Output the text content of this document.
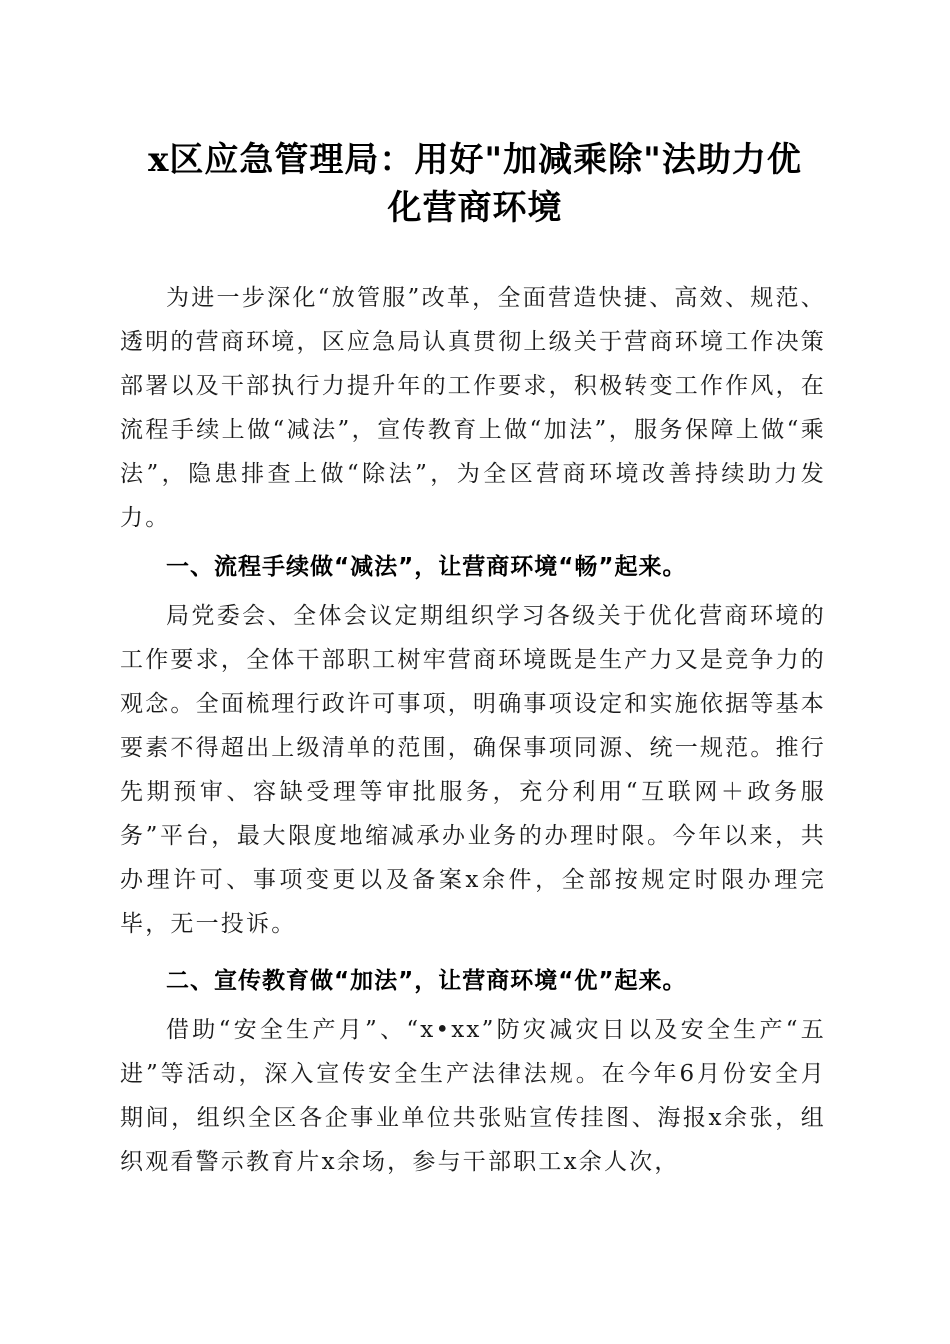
x区应急管理局：用好"加减乘除"法助力优
化营商环境

为进一步深化“放管服”改革，全面营造快捷、高效、规范、透明的营商环境，区应急局认真贯彻上级关于营商环境工作决策部署以及干部执行力提升年的工作要求，积极转变工作作风，在流程手续上做“减法”，宣传教育上做“加法”，服务保障上做“乘法”，隐患排查上做“除法”，为全区营商环境改善持续助力发力。

一、流程手续做“减法”，让营商环境“畅”起来。

局党委会、全体会议定期组织学习各级关于优化营商环境的工作要求，全体干部职工树牢营商环境既是生产力又是竞争力的观念。全面梳理行政许可事项，明确事项设定和实施依据等基本要素不得超出上级清单的范围，确保事项同源、统一规范。推行先期预审、容缺受理等审批服务，充分利用“互联网＋政务服务”平台，最大限度地缩减承办业务的办理时限。今年以来，共办理许可、事项变更以及备案x余件，全部按规定时限办理完毕，无一投诉。

二、宣传教育做“加法”，让营商环境“优”起来。

借助“安全生产月”、“x•xx”防灾减灾日以及安全生产“五进”等活动，深入宣传安全生产法律法规。在今年6月份安全月期间，组织全区各企事业单位共张贴宣传挂图、海报x余张，组织观看警示教育片x余场，参与干部职工x余人次，
